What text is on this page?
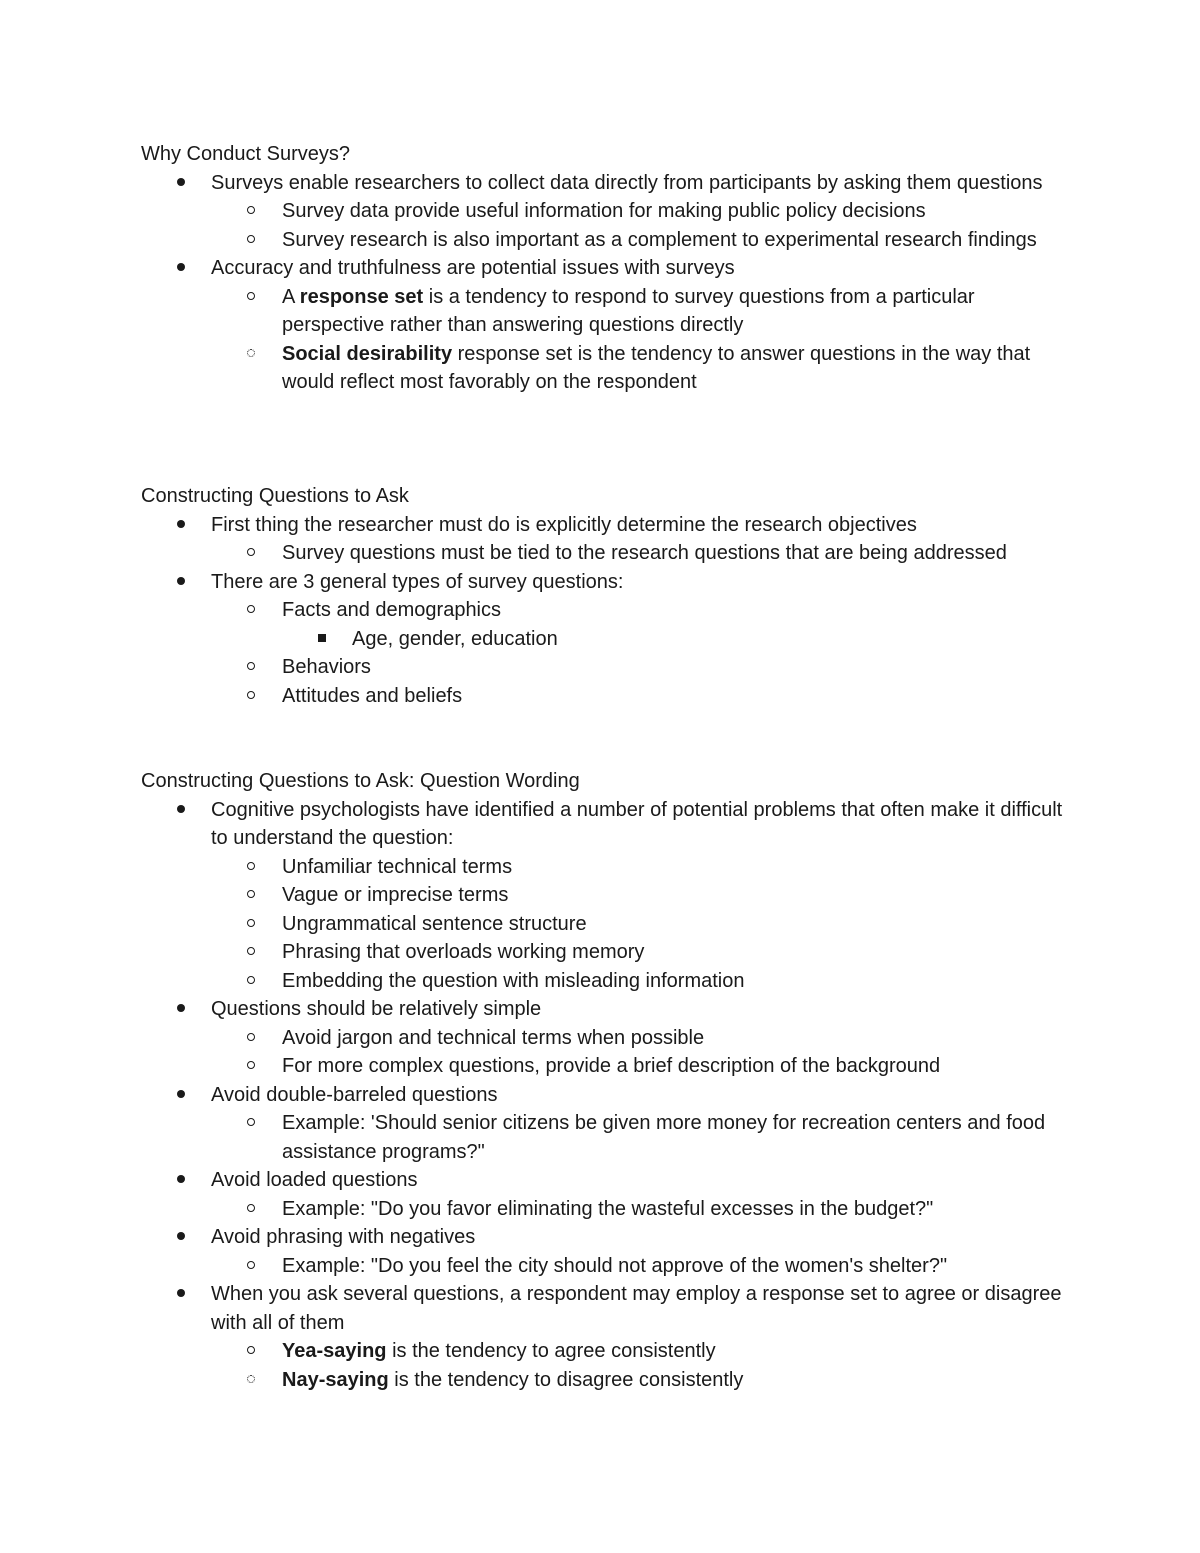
Why Conduct Surveys?
Surveys enable researchers to collect data directly from participants by asking them questions
Survey data provide useful information for making public policy decisions
Survey research is also important as a complement to experimental research findings
Accuracy and truthfulness are potential issues with surveys
A response set is a tendency to respond to survey questions from a particular perspective rather than answering questions directly
Social desirability response set is the tendency to answer questions in the way that would reflect most favorably on the respondent
Constructing Questions to Ask
First thing the researcher must do is explicitly determine the research objectives
Survey questions must be tied to the research questions that are being addressed
There are 3 general types of survey questions:
Facts and demographics
Age, gender, education
Behaviors
Attitudes and beliefs
Constructing Questions to Ask: Question Wording
Cognitive psychologists have identified a number of potential problems that often make it difficult to understand the question:
Unfamiliar technical terms
Vague or imprecise terms
Ungrammatical sentence structure
Phrasing that overloads working memory
Embedding the question with misleading information
Questions should be relatively simple
Avoid jargon and technical terms when possible
For more complex questions, provide a brief description of the background
Avoid double-barreled questions
Example: 'Should senior citizens be given more money for recreation centers and food assistance programs?"
Avoid loaded questions
Example: "Do you favor eliminating the wasteful excesses in the budget?"
Avoid phrasing with negatives
Example: "Do you feel the city should not approve of the women's shelter?"
When you ask several questions, a respondent may employ a response set to agree or disagree with all of them
Yea-saying is the tendency to agree consistently
Nay-saying is the tendency to disagree consistently
